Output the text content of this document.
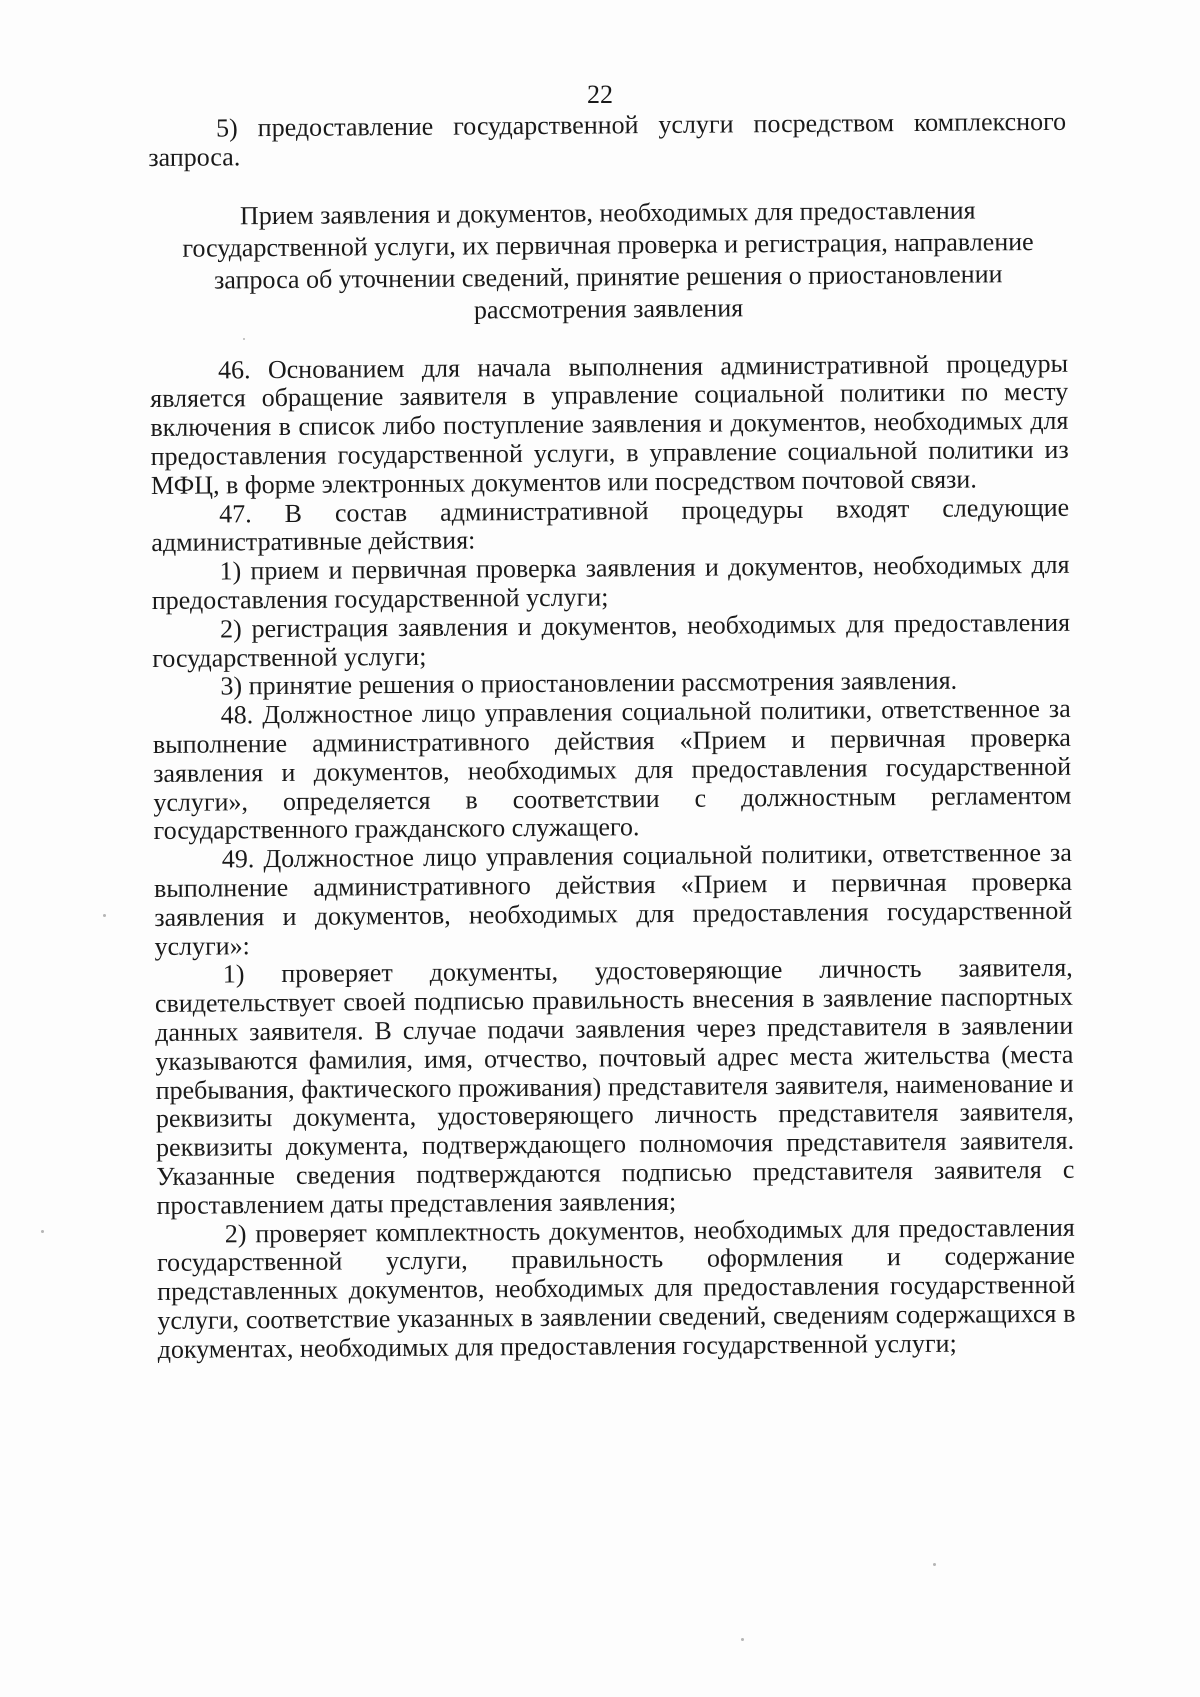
22

5) предоставление государственной услуги посредством комплексного запроса.

Прием заявления и документов, необходимых для предоставления
государственной услуги, их первичная проверка и регистрация, направление
запроса об уточнении сведений, принятие решения о приостановлении
рассмотрения заявления

46. Основанием для начала выполнения административной процедуры является обращение заявителя в управление социальной политики по месту включения в список либо поступление заявления и документов, необходимых для предоставления государственной услуги, в управление социальной политики из МФЦ, в форме электронных документов или посредством почтовой связи.

47. В состав административной процедуры входят следующие административные действия:

1) прием и первичная проверка заявления и документов, необходимых для предоставления государственной услуги;

2) регистрация заявления и документов, необходимых для предоставления государственной услуги;

3) принятие решения о приостановлении рассмотрения заявления.

48. Должностное лицо управления социальной политики, ответственное за выполнение административного действия «Прием и первичная проверка заявления и документов, необходимых для предоставления государственной услуги», определяется в соответствии с должностным регламентом государственного гражданского служащего.

49. Должностное лицо управления социальной политики, ответственное за выполнение административного действия «Прием и первичная проверка заявления и документов, необходимых для предоставления государственной услуги»:

1) проверяет документы, удостоверяющие личность заявителя, свидетельствует своей подписью правильность внесения в заявление паспортных данных заявителя. В случае подачи заявления через представителя в заявлении указываются фамилия, имя, отчество, почтовый адрес места жительства (места пребывания, фактического проживания) представителя заявителя, наименование и реквизиты документа, удостоверяющего личность представителя заявителя, реквизиты документа, подтверждающего полномочия представителя заявителя. Указанные сведения подтверждаются подписью представителя заявителя с проставлением даты представления заявления;

2) проверяет комплектность документов, необходимых для предоставления государственной услуги, правильность оформления и содержание представленных документов, необходимых для предоставления государственной услуги, соответствие указанных в заявлении сведений, сведениям содержащихся в документах, необходимых для предоставления государственной услуги;
